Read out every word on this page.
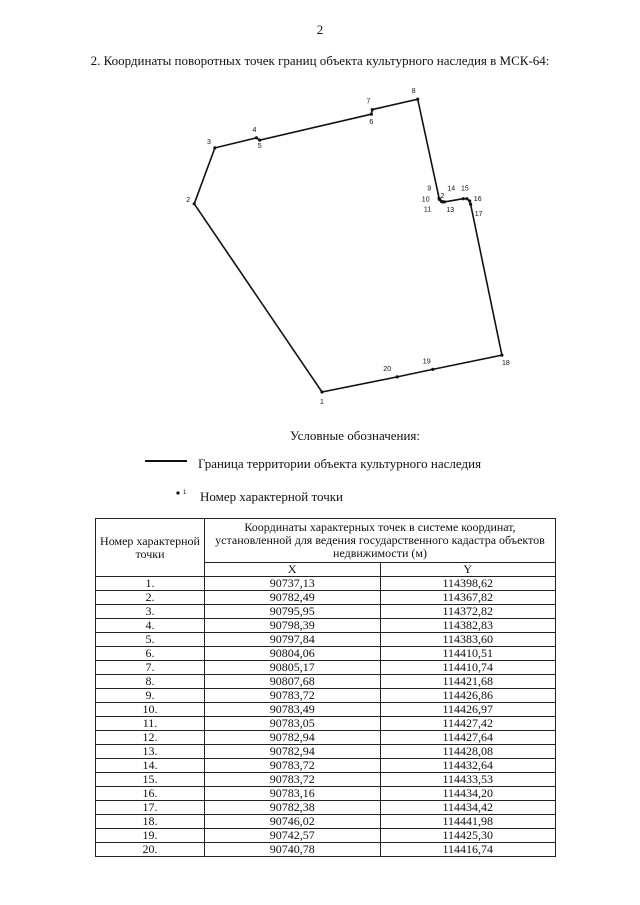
2
2. Координаты поворотных точек границ объекта культурного наследия в МСК-64:
1
2
3
4
5
6
7
8
9
10
11
12
13
14 15
16
17
18
19
20
Условные обозначения:
Граница территории объекта культурного наследия
1 Номер характерной точки
Номер характерной точки	Координаты характерных точек в системе координат, установленной для ведения государственного кадастра объектов недвижимости (м)	
	X	Y
1.	90737,13	114398,62
2.	90782,49	114367,82
3.	90795,95	114372,82
4.	90798,39	114382,83
5.	90797,84	114383,60
6.	90804,06	114410,51
7.	90805,17	114410,74
8.	90807,68	114421,68
9.	90783,72	114426,86
10.	90783,49	114426,97
11.	90783,05	114427,42
12.	90782,94	114427,64
13.	90782,94	114428,08
14.	90783,72	114432,64
15.	90783,72	114433,53
16.	90783,16	114434,20
17.	90782,38	114434,42
18.	90746,02	114441,98
19.	90742,57	114425,30
20.	90740,78	114416,74
